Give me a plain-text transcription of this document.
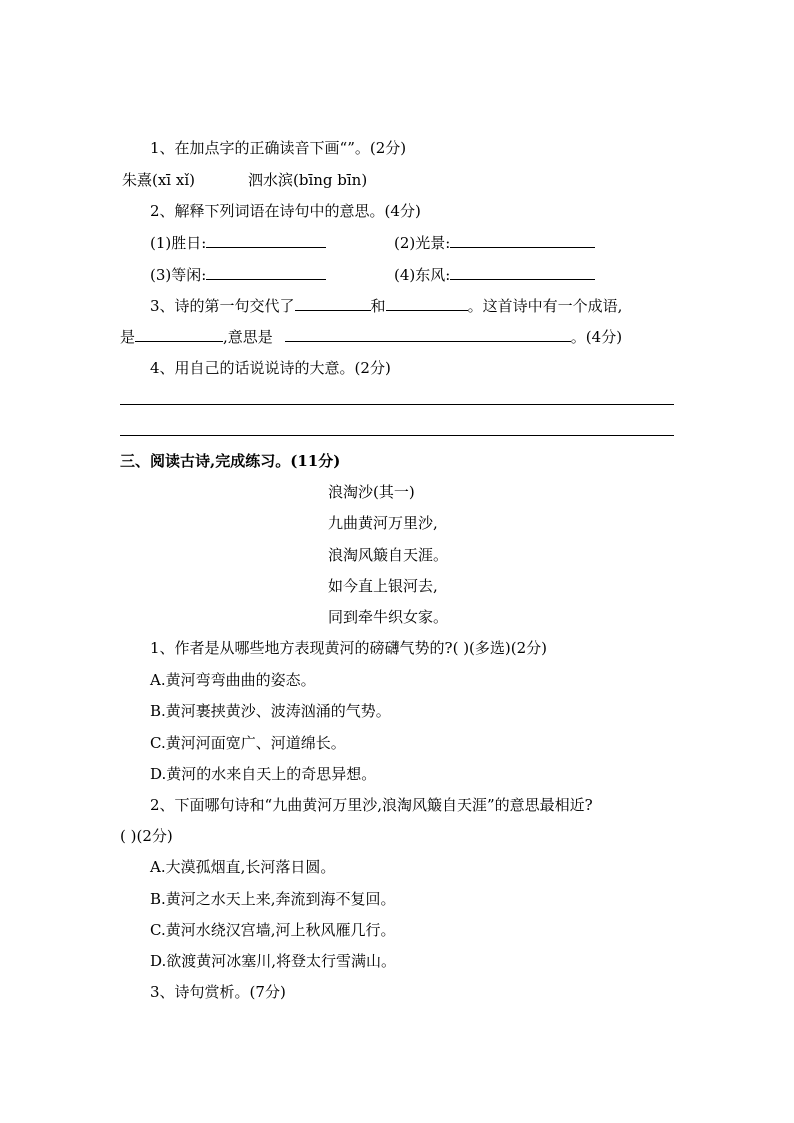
1、在加点字的正确读音下画“”。(2分)
朱熹(xī xǐ)	泗水滨(bīng bīn)
2、解释下列词语在诗句中的意思。(4分)
(1)胜日:	(2)光景:
(3)等闲:	(4)东风:
3、诗的第一句交代了	和	。这首诗中有一个成语,
是	,意思是	。(4分)
4、用自己的话说说诗的大意。(2分)
三、阅读古诗,完成练习。(11分)
浪淘沙(其一)
九曲黄河万里沙,
浪淘风簸自天涯。
如今直上银河去,
同到牵牛织女家。
1、作者是从哪些地方表现黄河的磅礴气势的?( )(多选)(2分)
A.黄河弯弯曲曲的姿态。
B.黄河裹挟黄沙、波涛汹涌的气势。
C.黄河河面宽广、河道绵长。
D.黄河的水来自天上的奇思异想。
2、下面哪句诗和“九曲黄河万里沙,浪淘风簸自天涯”的意思最相近?
( )(2分)
A.大漠孤烟直,长河落日圆。
B.黄河之水天上来,奔流到海不复回。
C.黄河水绕汉宫墙,河上秋风雁几行。
D.欲渡黄河冰塞川,将登太行雪满山。
3、诗句赏析。(7分)
